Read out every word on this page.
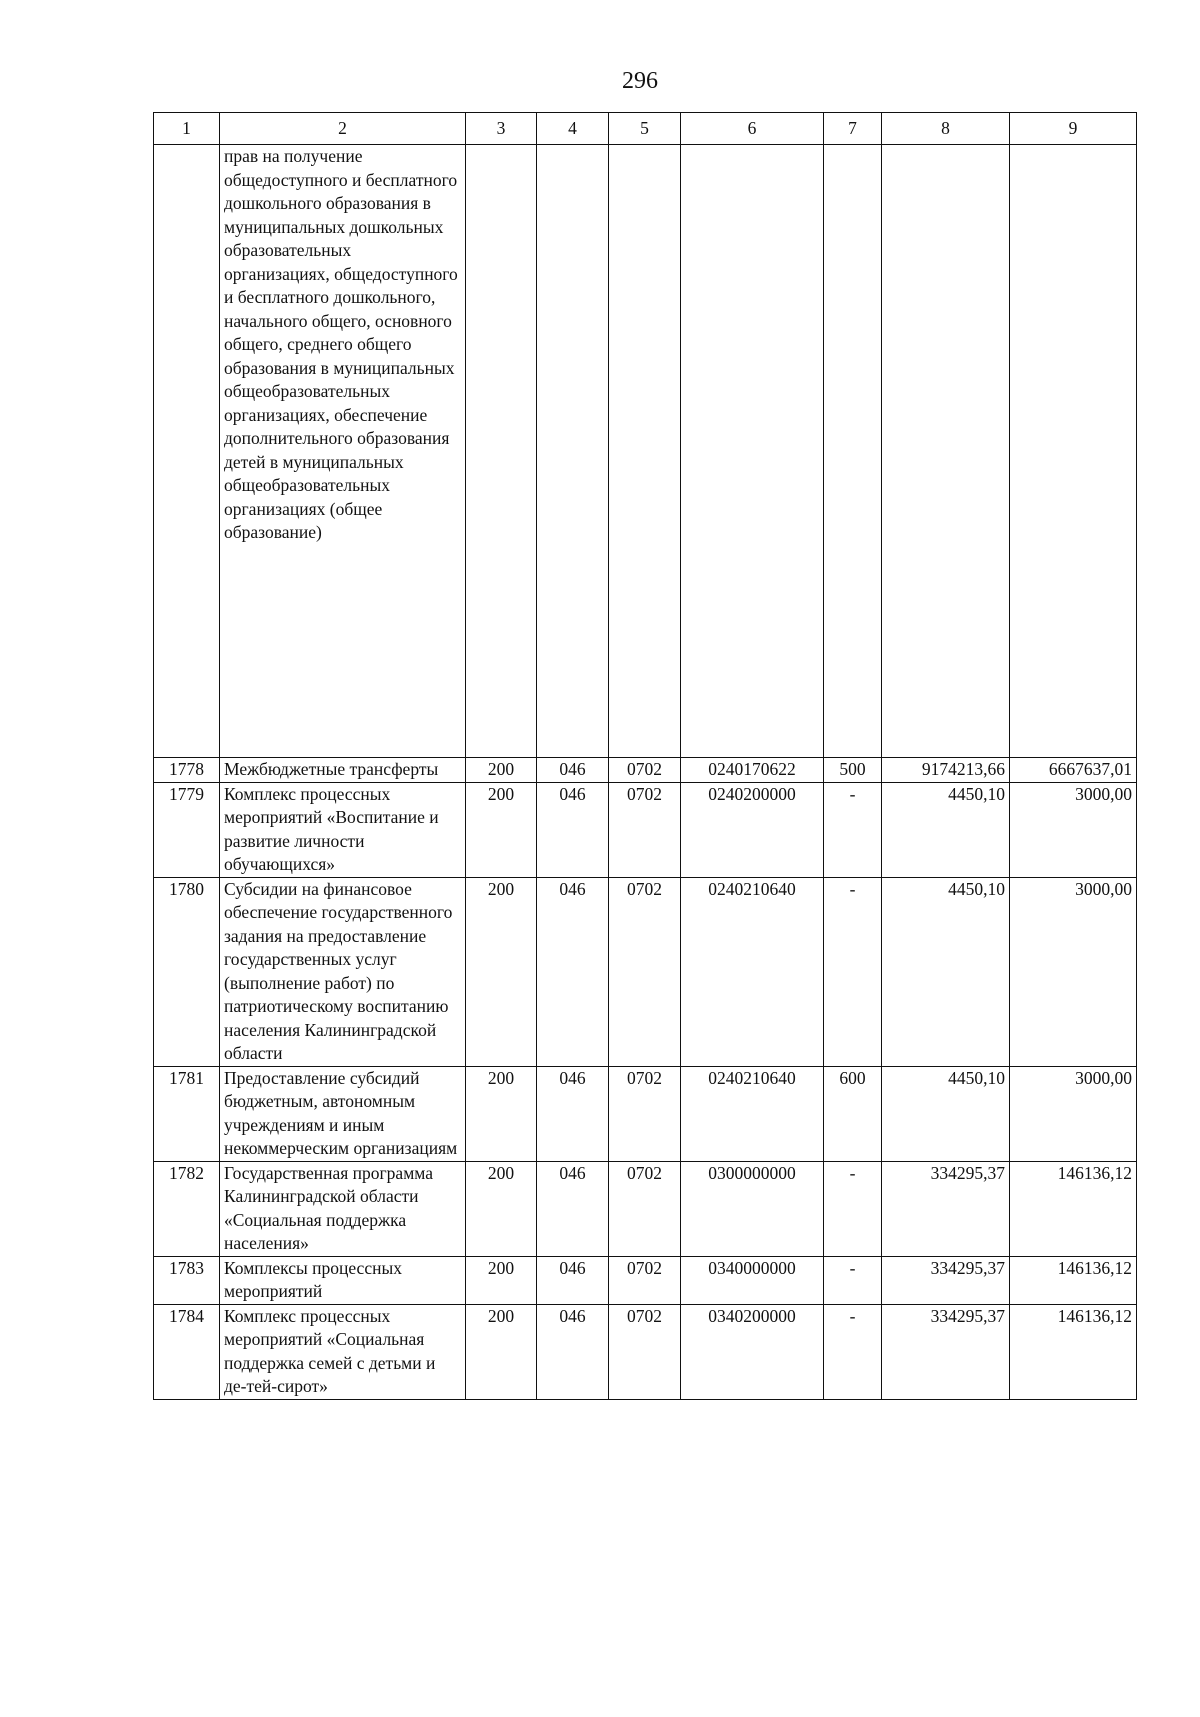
296
1	2	3	4	5	6	7	8	9
	прав на получение общедоступного и бесплатного дошкольного образования в муниципальных дошкольных образовательных организациях, общедоступного и бесплатного дошкольного, начального общего, основного общего, среднего общего образования в муниципальных общеобразовательных организациях, обеспечение дополнительного образования детей в муниципальных общеобразовательных организациях (общее образование)							
1778	Межбюджетные трансферты	200	046	0702	0240170622	500	9174213,66	6667637,01
1779	Комплекс процессных мероприятий «Воспитание и развитие личности обучающихся»	200	046	0702	0240200000	-	4450,10	3000,00
1780	Субсидии на финансовое обеспечение государственного задания на предоставление государственных услуг (выполнение работ) по патриотическому воспитанию населения Калининградской области	200	046	0702	0240210640	-	4450,10	3000,00
1781	Предоставление субсидий бюджетным, автономным учреждениям и иным некоммерческим организациям	200	046	0702	0240210640	600	4450,10	3000,00
1782	Государственная программа Калининградской области «Социальная поддержка населения»	200	046	0702	0300000000	-	334295,37	146136,12
1783	Комплексы процессных мероприятий	200	046	0702	0340000000	-	334295,37	146136,12
1784	Комплекс процессных мероприятий «Социальная поддержка семей с детьми и де-тей-сирот»	200	046	0702	0340200000	-	334295,37	146136,12
